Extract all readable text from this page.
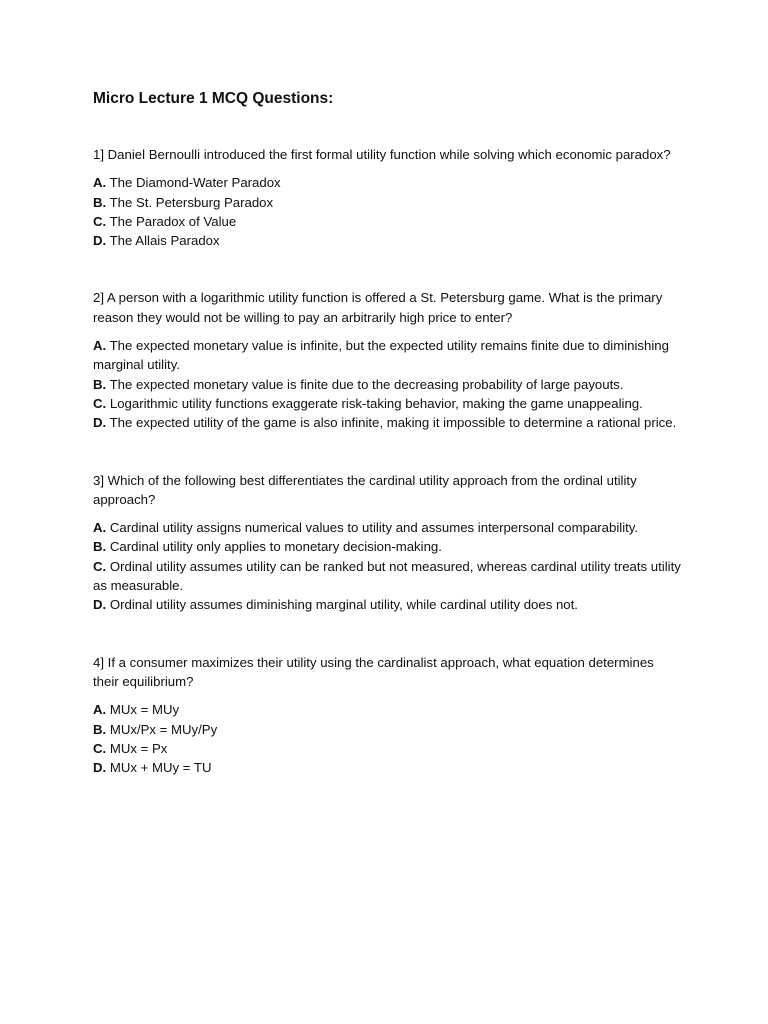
Micro Lecture 1 MCQ Questions:

1] Daniel Bernoulli introduced the first formal utility function while solving which economic paradox?

A. The Diamond-Water Paradox
B. The St. Petersburg Paradox
C. The Paradox of Value
D. The Allais Paradox

2] A person with a logarithmic utility function is offered a St. Petersburg game. What is the primary reason they would not be willing to pay an arbitrarily high price to enter?

A. The expected monetary value is infinite, but the expected utility remains finite due to diminishing marginal utility.
B. The expected monetary value is finite due to the decreasing probability of large payouts.
C. Logarithmic utility functions exaggerate risk-taking behavior, making the game unappealing.
D. The expected utility of the game is also infinite, making it impossible to determine a rational price.

3] Which of the following best differentiates the cardinal utility approach from the ordinal utility approach?

A. Cardinal utility assigns numerical values to utility and assumes interpersonal comparability.
B. Cardinal utility only applies to monetary decision-making.
C. Ordinal utility assumes utility can be ranked but not measured, whereas cardinal utility treats utility as measurable.
D. Ordinal utility assumes diminishing marginal utility, while cardinal utility does not.

4] If a consumer maximizes their utility using the cardinalist approach, what equation determines their equilibrium?

A. MUx = MUy
B. MUx/Px = MUy/Py
C. MUx = Px
D. MUx + MUy = TU
